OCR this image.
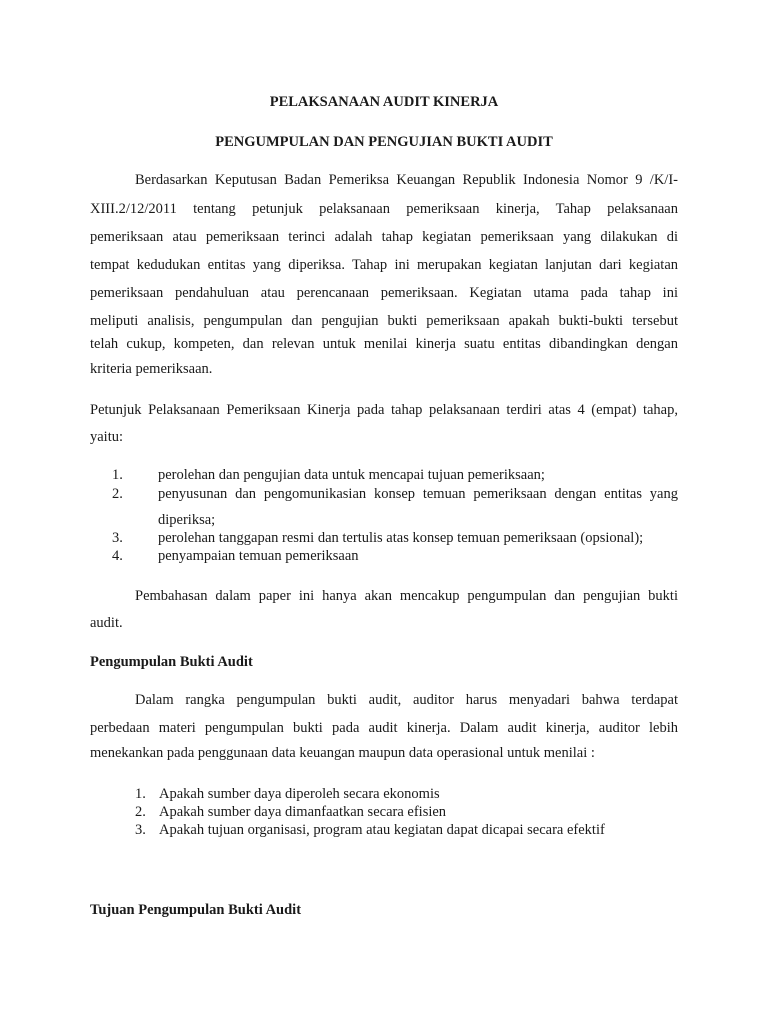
PELAKSANAAN AUDIT KINERJA

PENGUMPULAN DAN PENGUJIAN BUKTI AUDIT

Berdasarkan Keputusan Badan Pemeriksa Keuangan Republik Indonesia Nomor 9 /K/I-

XIII.2/12/2011 tentang petunjuk pelaksanaan pemeriksaan kinerja, Tahap pelaksanaan

pemeriksaan atau pemeriksaan terinci adalah tahap kegiatan pemeriksaan yang dilakukan di

tempat kedudukan entitas yang diperiksa. Tahap ini merupakan kegiatan lanjutan dari kegiatan

pemeriksaan pendahuluan atau perencanaan pemeriksaan. Kegiatan utama pada tahap ini

meliputi analisis, pengumpulan dan pengujian bukti pemeriksaan apakah bukti-bukti tersebut

telah cukup, kompeten, dan relevan untuk menilai kinerja suatu entitas dibandingkan dengan

kriteria pemeriksaan.

Petunjuk Pelaksanaan Pemeriksaan Kinerja pada tahap pelaksanaan terdiri atas 4 (empat) tahap,

yaitu:

1. perolehan dan pengujian data untuk mencapai tujuan pemeriksaan;
2. penyusunan dan pengomunikasian konsep temuan pemeriksaan dengan entitas yang
diperiksa;
3. perolehan tanggapan resmi dan tertulis atas konsep temuan pemeriksaan (opsional);
4. penyampaian temuan pemeriksaan

Pembahasan dalam paper ini hanya akan mencakup pengumpulan dan pengujian bukti

audit.

Pengumpulan Bukti Audit

Dalam rangka pengumpulan bukti audit, auditor harus menyadari bahwa terdapat

perbedaan materi pengumpulan bukti pada audit kinerja. Dalam audit kinerja, auditor lebih

menekankan pada penggunaan data keuangan maupun data operasional untuk menilai :

1. Apakah sumber daya diperoleh secara ekonomis
2. Apakah sumber daya dimanfaatkan secara efisien
3. Apakah tujuan organisasi, program atau kegiatan dapat dicapai secara efektif

Tujuan Pengumpulan Bukti Audit
